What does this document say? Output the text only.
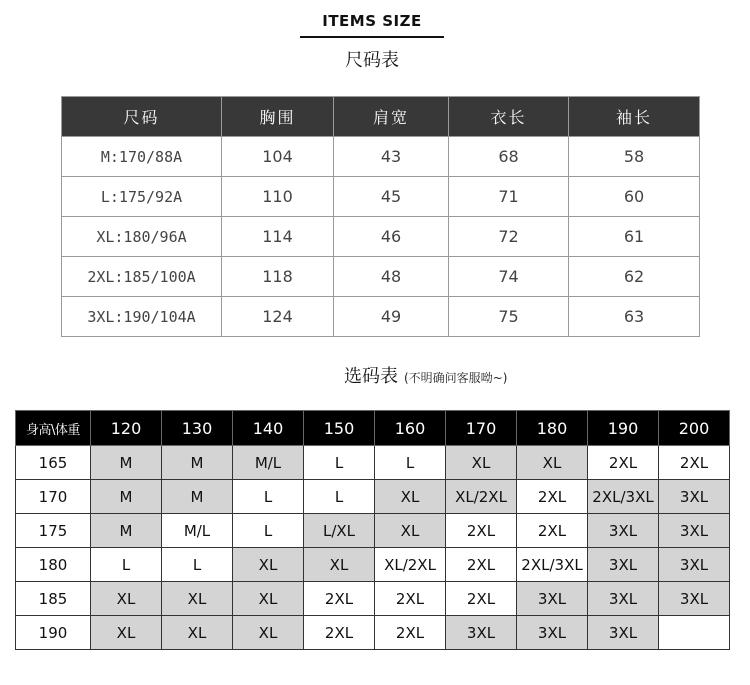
ITEMS SIZE
尺码表
尺码	胸围	肩宽	衣长	袖长
M:170/88A	104	43	68	58
L:175/92A	110	45	71	60
XL:180/96A	114	46	72	61
2XL:185/100A	118	48	74	62
3XL:190/104A	124	49	75	63
选码表 (不明确问客服呦~)
身高\体重	120	130	140	150	160	170	180	190	200
165	M	M	M/L	L	L	XL	XL	2XL	2XL
170	M	M	L	L	XL	XL/2XL	2XL	2XL/3XL	3XL
175	M	M/L	L	L/XL	XL	2XL	2XL	3XL	3XL
180	L	L	XL	XL	XL/2XL	2XL	2XL/3XL	3XL	3XL
185	XL	XL	XL	2XL	2XL	2XL	3XL	3XL	3XL
190	XL	XL	XL	2XL	2XL	3XL	3XL	3XL	
